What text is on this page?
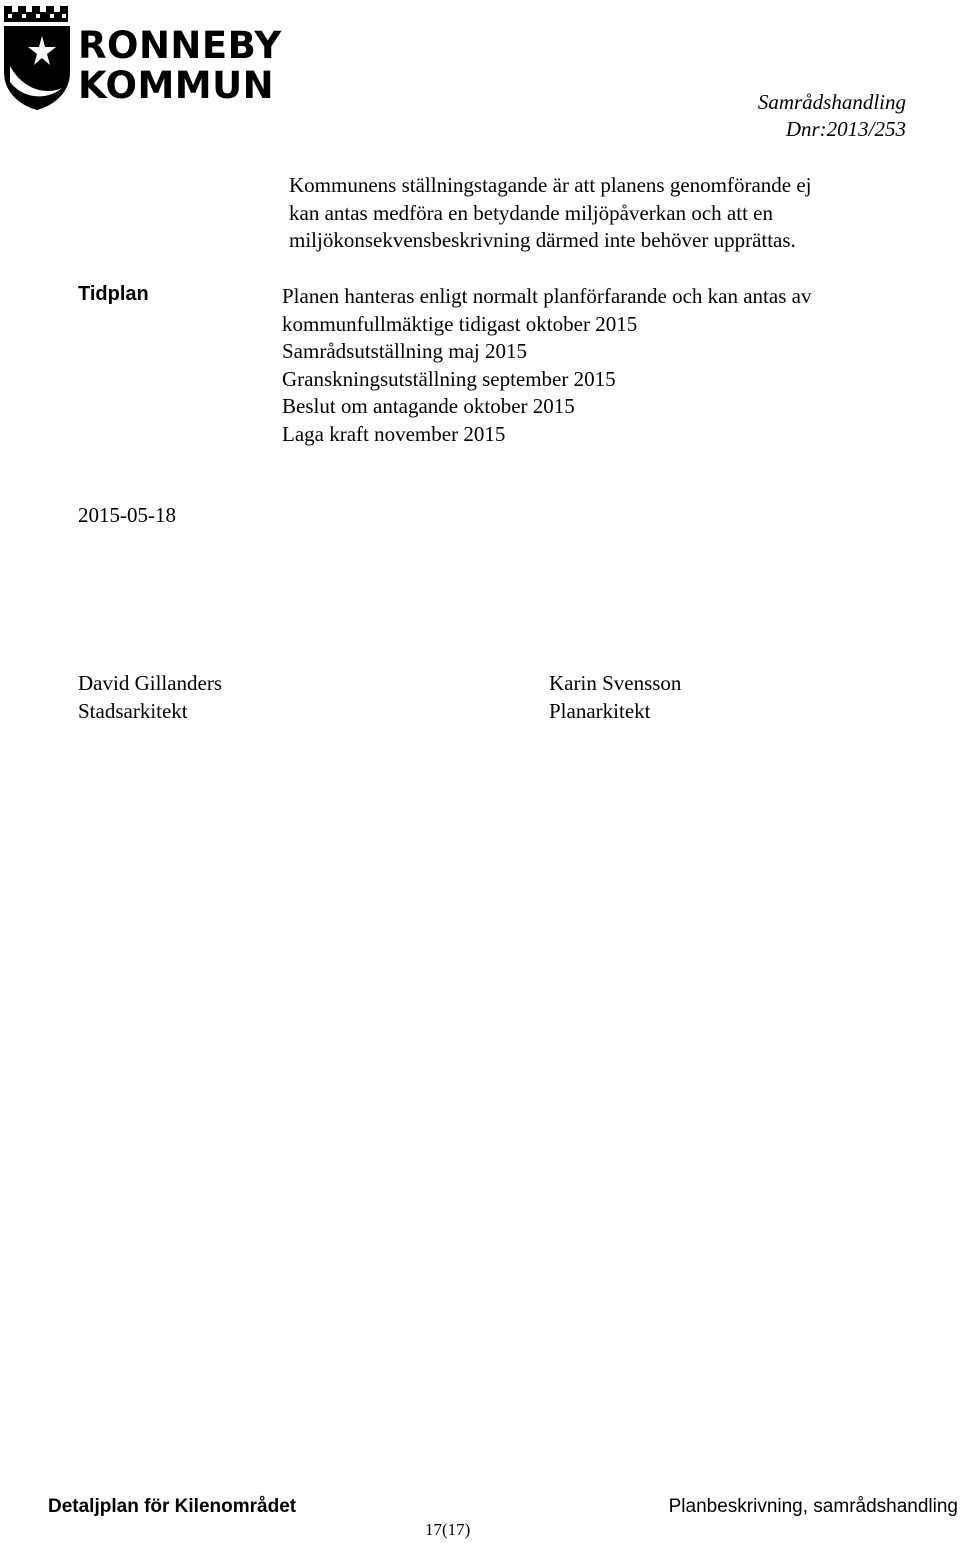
RONNEBY
KOMMUN	Samrådshandling
Dnr:2013/253
Kommunens ställningstagande är att planens genomförande ej
kan antas medföra en betydande miljöpåverkan och att en
miljökonsekvensbeskrivning därmed inte behöver upprättas.
Tidplan	Planen hanteras enligt normalt planförfarande och kan antas av
kommunfullmäktige tidigast oktober 2015
Samrådsutställning maj 2015
Granskningsutställning september 2015
Beslut om antagande oktober 2015
Laga kraft november 2015
2015-05-18
David Gillanders
Stadsarkitekt
Karin Svensson
Planarkitekt
Detaljplan för Kilenområdet	Planbeskrivning, samrådshandling
17(17)
